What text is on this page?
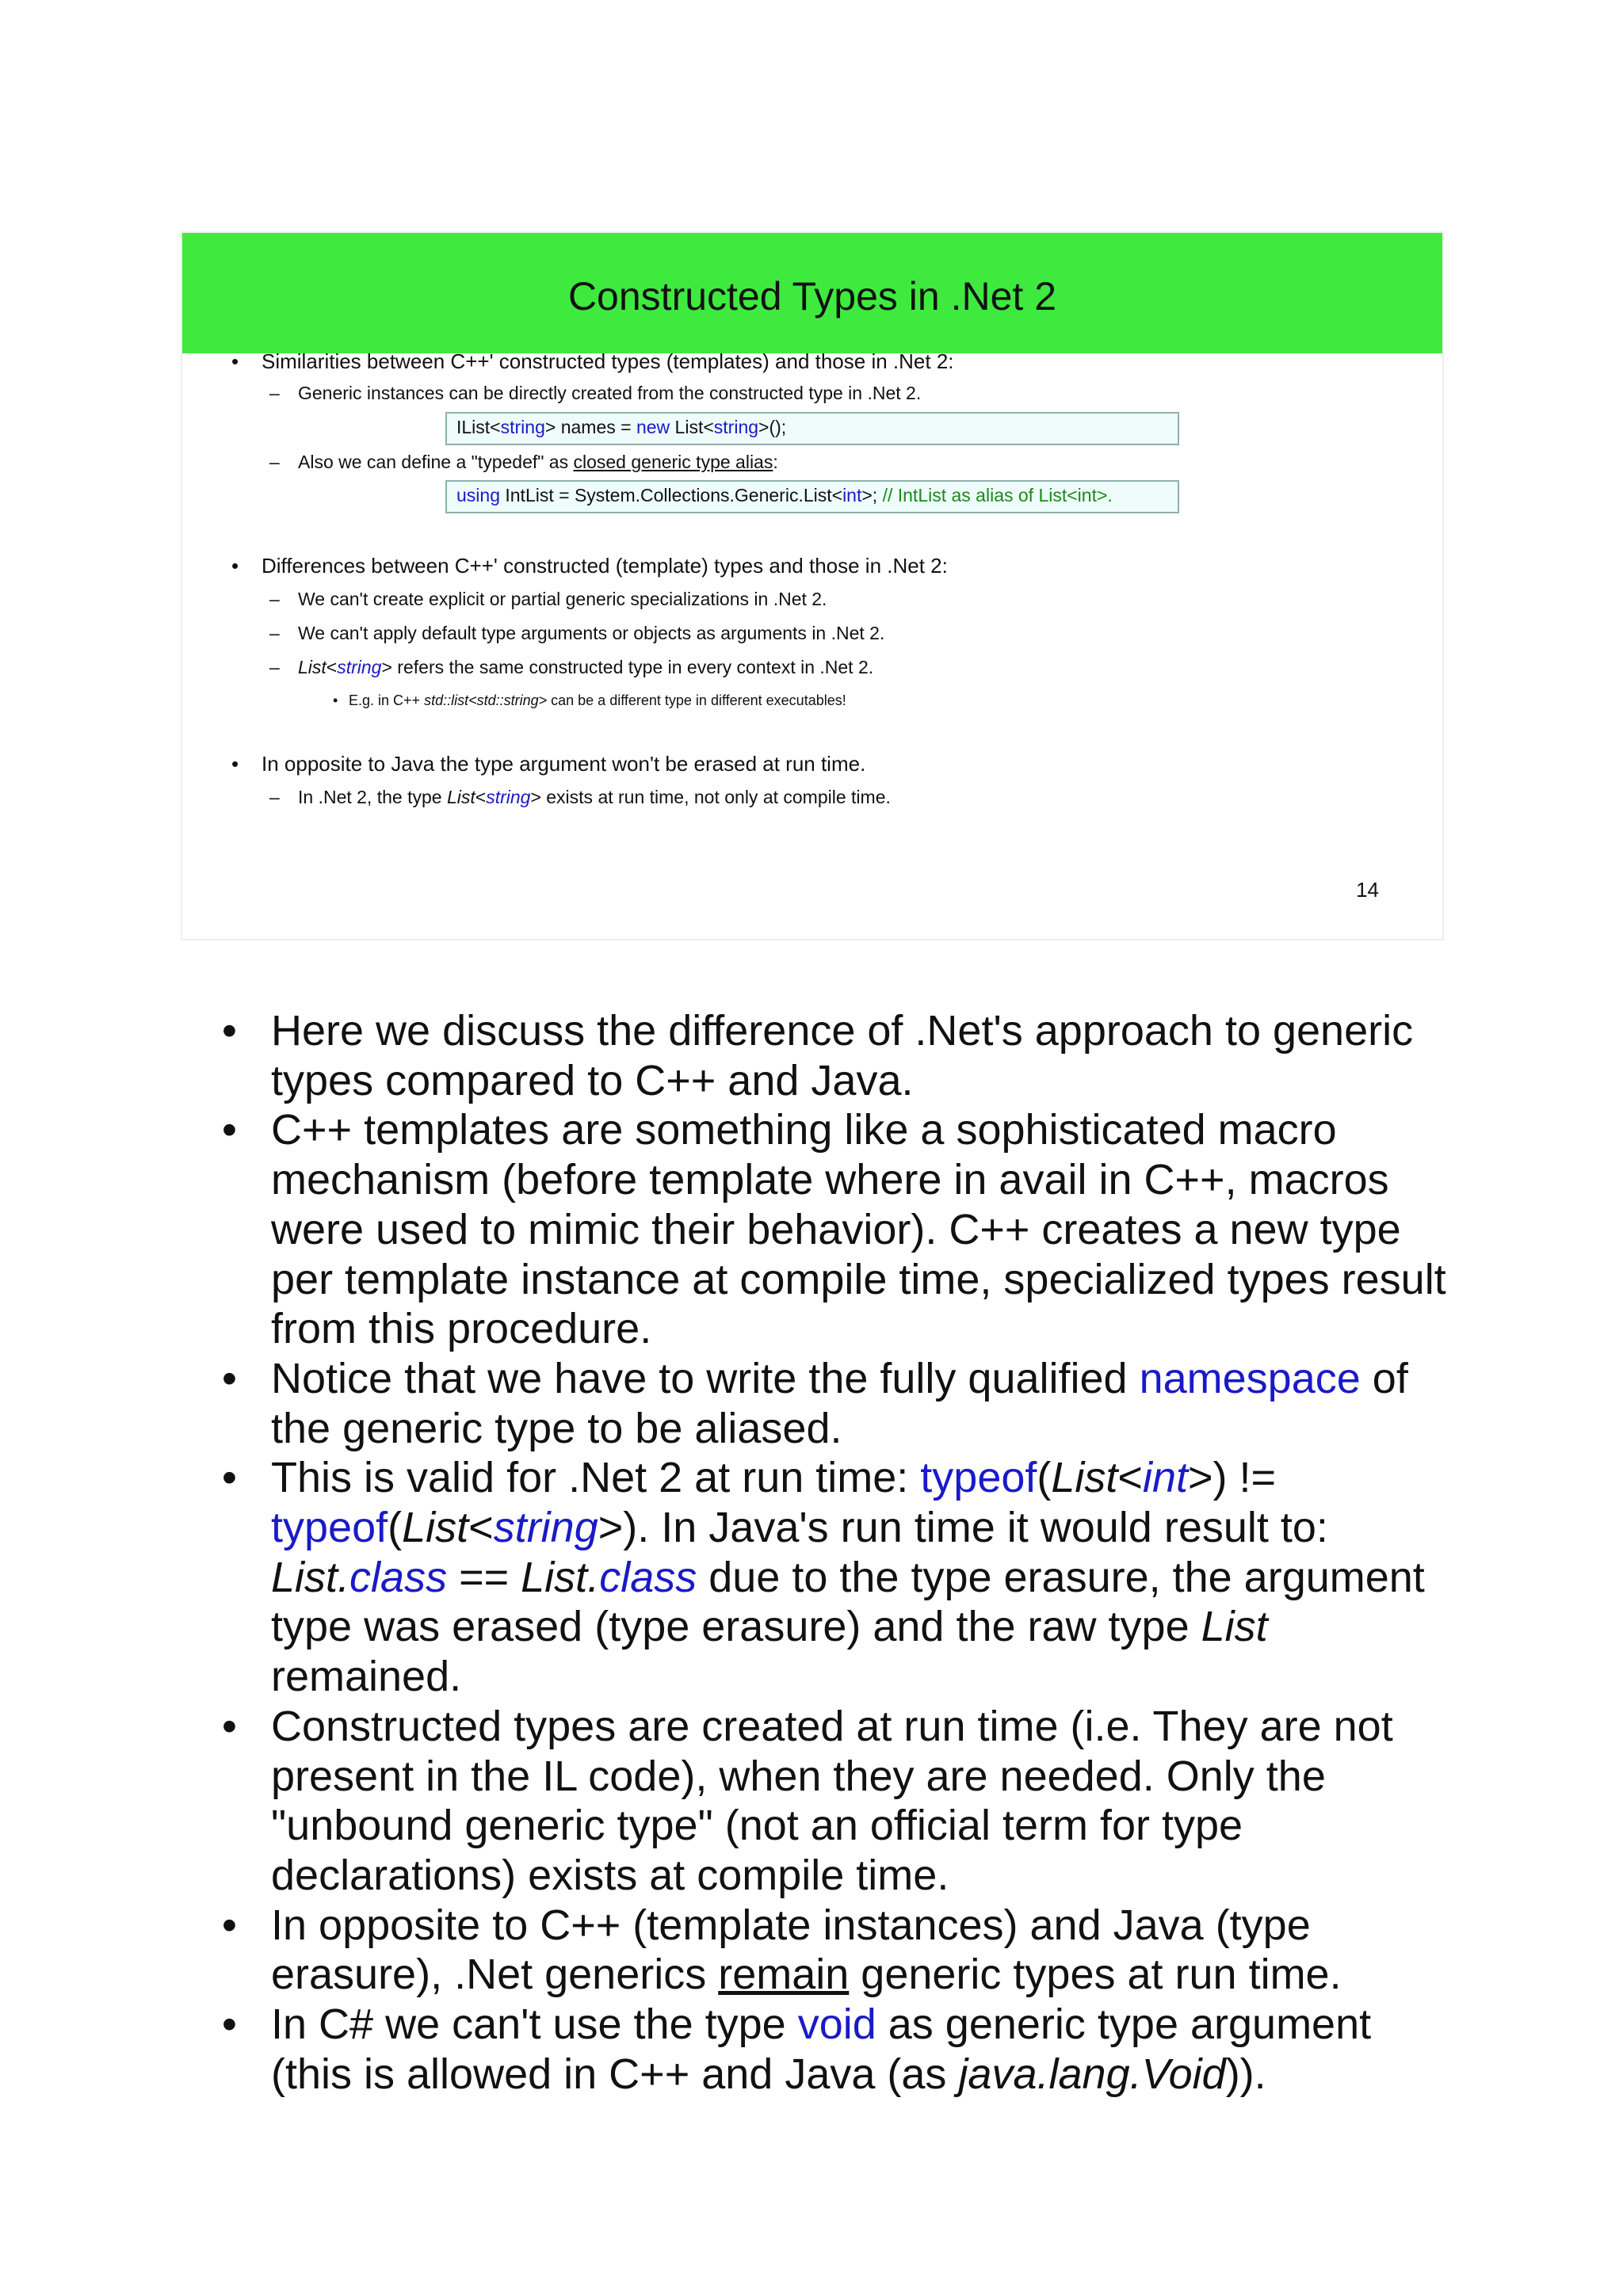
Constructed Types in .Net 2
• Similarities between C++' constructed types (templates) and those in .Net 2:
– Generic instances can be directly created from the constructed type in .Net 2.
IList<string> names = new List<string>();
– Also we can define a "typedef" as closed generic type alias:
using IntList = System.Collections.Generic.List<int>; // IntList as alias of List<int>.
• Differences between C++' constructed (template) types and those in .Net 2:
– We can't create explicit or partial generic specializations in .Net 2.
– We can't apply default type arguments or objects as arguments in .Net 2.
– List<string> refers the same constructed type in every context in .Net 2.
• E.g. in C++ std::list<std::string> can be a different type in different executables!
• In opposite to Java the type argument won't be erased at run time.
– In .Net 2, the type List<string> exists at run time, not only at compile time.
14
• Here we discuss the difference of .Net's approach to generic types compared to C++ and Java.
• C++ templates are something like a sophisticated macro mechanism (before template where in avail in C++, macros were used to mimic their behavior). C++ creates a new type per template instance at compile time, specialized types result from this procedure.
• Notice that we have to write the fully qualified namespace of the generic type to be aliased.
• This is valid for .Net 2 at run time: typeof(List<int>) != typeof(List<string>). In Java's run time it would result to: List.class == List.class due to the type erasure, the argument type was erased (type erasure) and the raw type List remained.
• Constructed types are created at run time (i.e. They are not present in the IL code), when they are needed. Only the "unbound generic type" (not an official term for type declarations) exists at compile time.
• In opposite to C++ (template instances) and Java (type erasure), .Net generics remain generic types at run time.
• In C# we can't use the type void as generic type argument (this is allowed in C++ and Java (as java.lang.Void)).
